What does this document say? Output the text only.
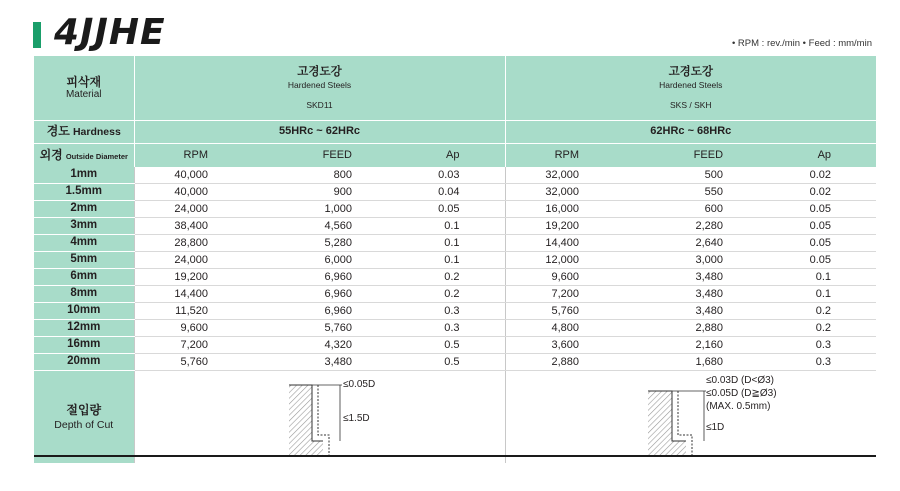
4JJHE	• RPM : rev./min • Feed : mm/min
피삭재
Material	고경도강
Hardened Steels
SKD11			고경도강
Hardened Steels
SKS / SKH		

경도 Hardness	55HRc ~ 62HRc			62HRc ~ 68HRc		
외경 Outside Diameter	RPM	FEED	Ap	RPM	FEED	Ap
1mm	40,000	800	0.03	32,000	500	0.02
1.5mm	40,000	900	0.04	32,000	550	0.02
2mm	24,000	1,000	0.05	16,000	600	0.05
3mm	38,400	4,560	0.1	19,200	2,280	0.05
4mm	28,800	5,280	0.1	14,400	2,640	0.05
5mm	24,000	6,000	0.1	12,000	3,000	0.05
6mm	19,200	6,960	0.2	9,600	3,480	0.1
8mm	14,400	6,960	0.2	7,200	3,480	0.1
10mm	11,520	6,960	0.3	5,760	3,480	0.2
12mm	9,600	5,760	0.3	4,800	2,880	0.2
16mm	7,200	4,320	0.5	3,600	2,160	0.3
20mm	5,760	3,480	0.5	2,880	1,680	0.3

절입량
Depth of Cut	≤0.05D
≤1.5D			≤0.03D (D<Ø3)
≤0.05D (D≧Ø3)
(MAX. 0.5mm)
≤1D		
